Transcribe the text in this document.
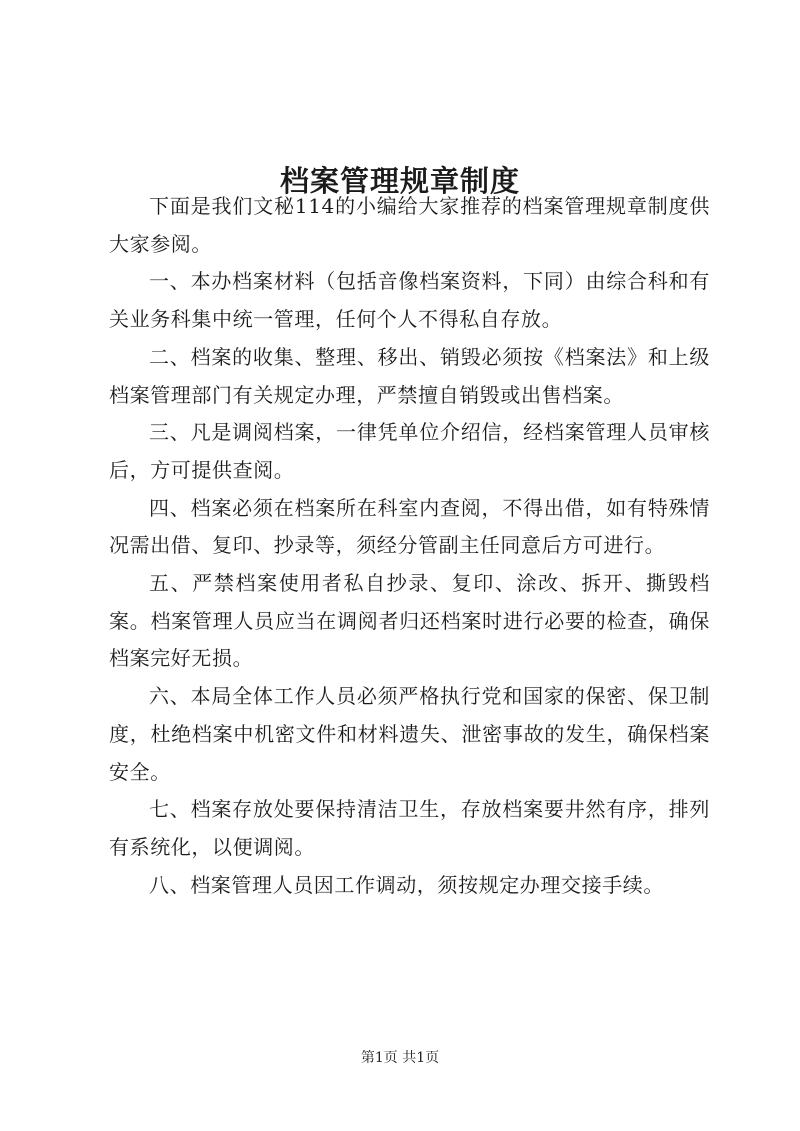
档案管理规章制度

下面是我们文秘114的小编给大家推荐的档案管理规章制度供大家参阅。

一、本办档案材料（包括音像档案资料，下同）由综合科和有关业务科集中统一管理，任何个人不得私自存放。

二、档案的收集、整理、移出、销毁必须按《档案法》和上级档案管理部门有关规定办理，严禁擅自销毁或出售档案。

三、凡是调阅档案，一律凭单位介绍信，经档案管理人员审核后，方可提供查阅。

四、档案必须在档案所在科室内查阅，不得出借，如有特殊情况需出借、复印、抄录等，须经分管副主任同意后方可进行。

五、严禁档案使用者私自抄录、复印、涂改、拆开、撕毁档案。档案管理人员应当在调阅者归还档案时进行必要的检查，确保档案完好无损。

六、本局全体工作人员必须严格执行党和国家的保密、保卫制度，杜绝档案中机密文件和材料遗失、泄密事故的发生，确保档案安全。

七、档案存放处要保持清洁卫生，存放档案要井然有序，排列有系统化，以便调阅。

八、档案管理人员因工作调动，须按规定办理交接手续。

第1页 共1页
